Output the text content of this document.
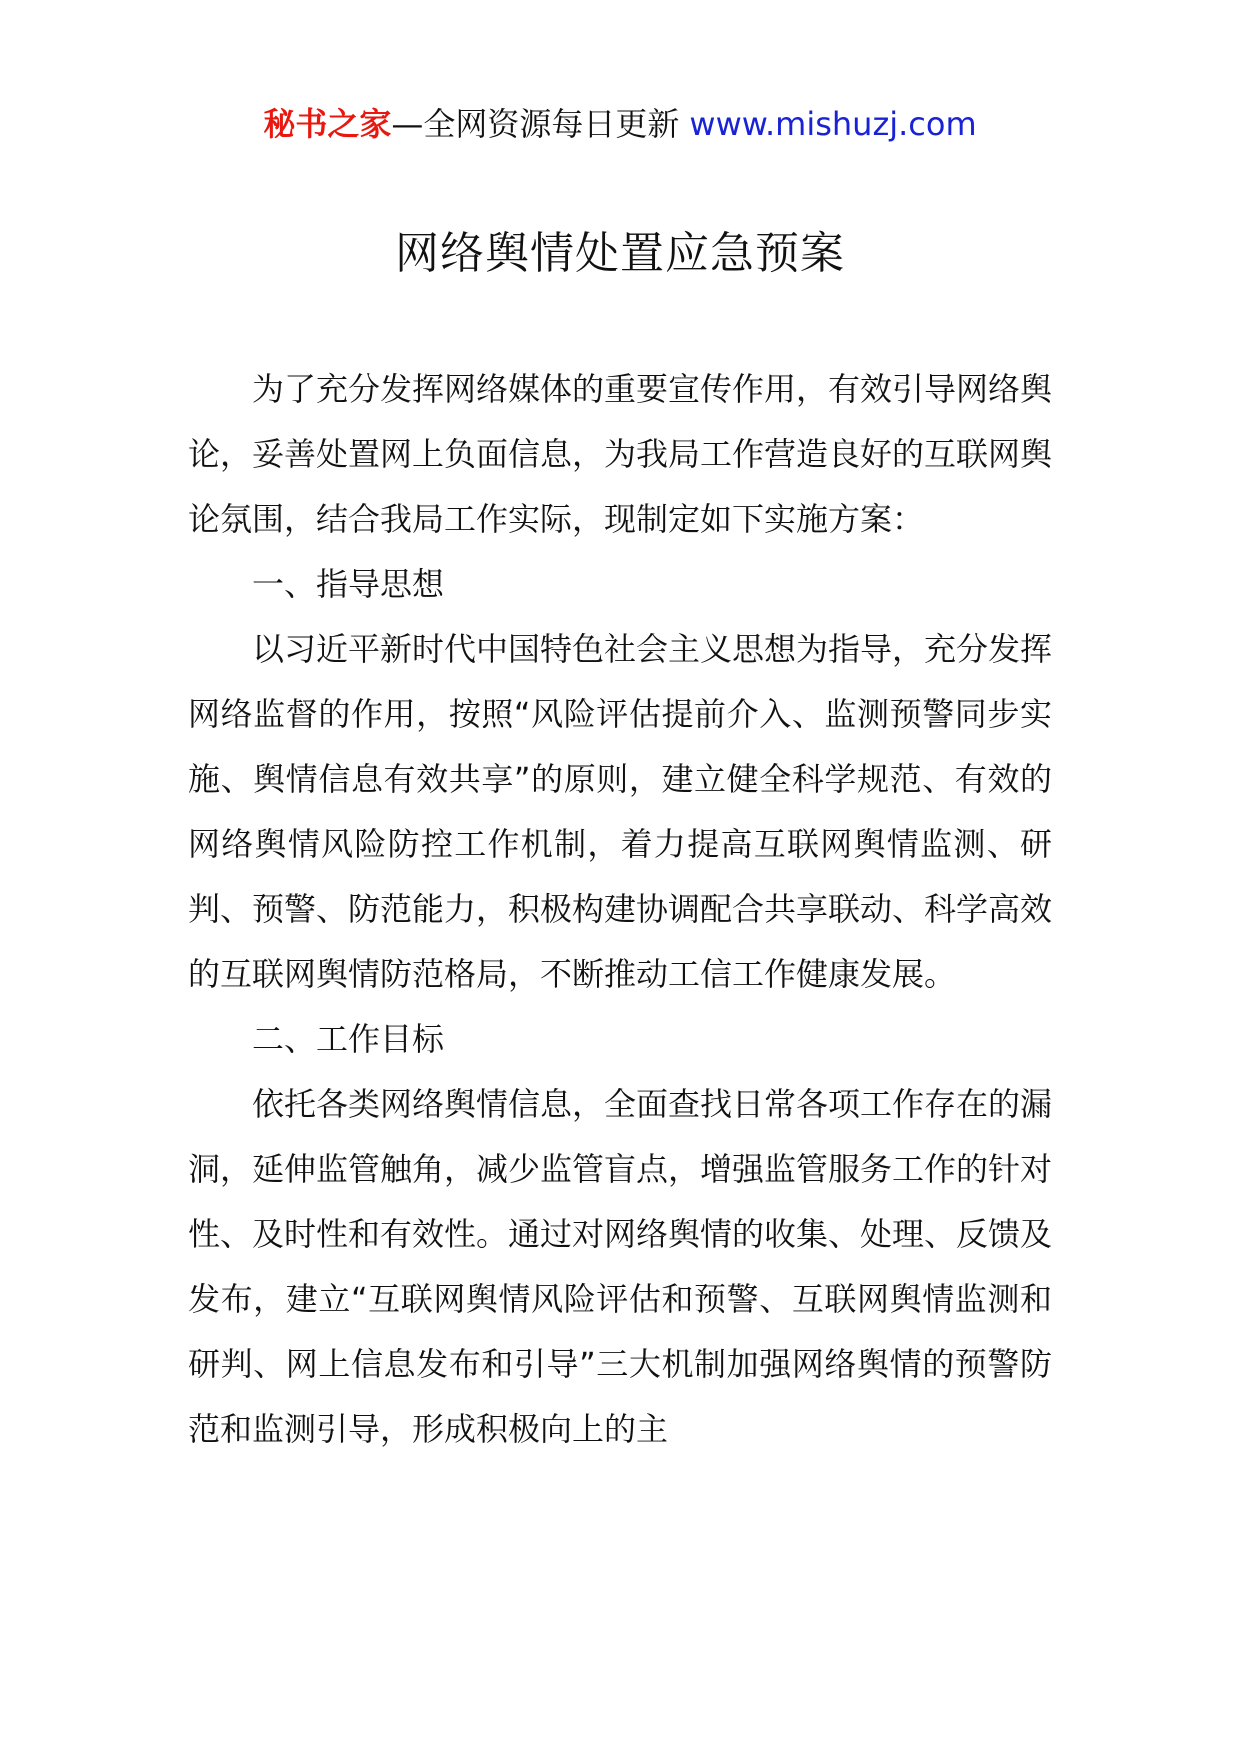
秘书之家—全网资源每日更新 www.mishuzj.com
网络舆情处置应急预案

为了充分发挥网络媒体的重要宣传作用，有效引导网络舆论，妥善处置网上负面信息，为我局工作营造良好的互联网舆论氛围，结合我局工作实际，现制定如下实施方案：

一、指导思想

以习近平新时代中国特色社会主义思想为指导，充分发挥网络监督的作用，按照“风险评估提前介入、监测预警同步实施、舆情信息有效共享”的原则，建立健全科学规范、有效的网络舆情风险防控工作机制，着力提高互联网舆情监测、研判、预警、防范能力，积极构建协调配合共享联动、科学高效的互联网舆情防范格局，不断推动工信工作健康发展。

二、工作目标

依托各类网络舆情信息，全面查找日常各项工作存在的漏洞，延伸监管触角，减少监管盲点，增强监管服务工作的针对性、及时性和有效性。通过对网络舆情的收集、处理、反馈及发布，建立“互联网舆情风险评估和预警、互联网舆情监测和研判、网上信息发布和引导”三大机制加强网络舆情的预警防范和监测引导，形成积极向上的主
